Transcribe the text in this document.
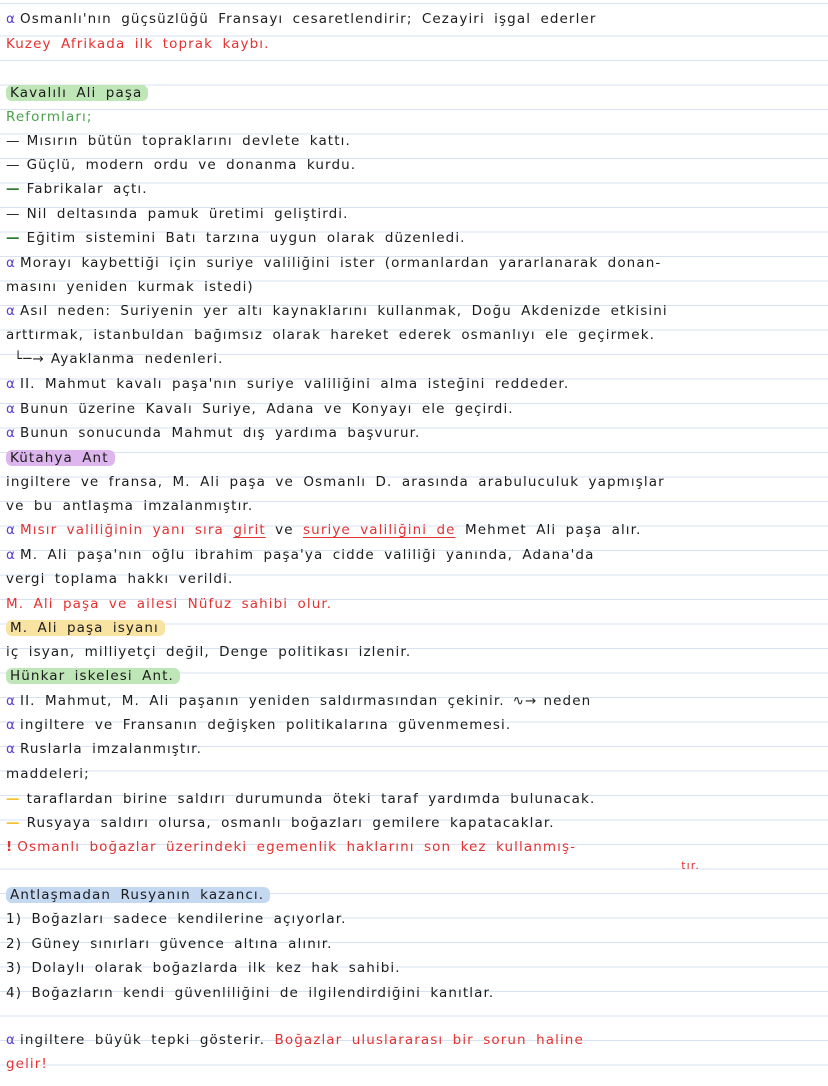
α Osmanlı'nın güçsüzlüğü Fransayı cesaretlendirir; Cezayiri işgal ederler
Kuzey Afrikada ilk toprak kaybı.
Kavalılı Ali paşa
Reformları;
— Mısırın bütün topraklarını devlete kattı.
— Güçlü, modern ordu ve donanma kurdu.
— Fabrikalar açtı.
— Nil deltasında pamuk üretimi geliştirdi.
— Eğitim sistemini Batı tarzına uygun olarak düzenledi.
α Morayı kaybettiği için suriye valiliğini ister (ormanlardan yararlanarak donan-
masını yeniden kurmak istedi)
α Asıl neden: Suriyenin yer altı kaynaklarını kullanmak, Doğu Akdenizde etkisini
arttırmak, istanbuldan bağımsız olarak hareket ederek osmanlıyı ele geçirmek.
└─→ Ayaklanma nedenleri.
α II. Mahmut kavalı paşa'nın suriye valiliğini alma isteğini reddeder.
α Bunun üzerine Kavalı Suriye, Adana ve Konyayı ele geçirdi.
α Bunun sonucunda Mahmut dış yardıma başvurur.
Kütahya Ant
ingiltere ve fransa, M. Ali paşa ve Osmanlı D. arasında arabuluculuk yapmışlar
ve bu antlaşma imzalanmıştır.
α Mısır valiliğinin yanı sıra girit ve suriye valiliğini de Mehmet Ali paşa alır.
α M. Ali paşa'nın oğlu ibrahim paşa'ya cidde valiliği yanında, Adana'da
vergi toplama hakkı verildi.
M. Ali paşa ve ailesi Nüfuz sahibi olur.
M. Ali paşa isyanı
iç isyan, milliyetçi değil, Denge politikası izlenir.
Hünkar iskelesi Ant.
α II. Mahmut, M. Ali paşanın yeniden saldırmasından çekinir. ∿→ neden
α ingiltere ve Fransanın değişken politikalarına güvenmemesi.
α Ruslarla imzalanmıştır.
maddeleri;
— taraflardan birine saldırı durumunda öteki taraf yardımda bulunacak.
— Rusyaya saldırı olursa, osmanlı boğazları gemilere kapatacaklar.
! Osmanlı boğazlar üzerindeki egemenlik haklarını son kez kullanmış-
tır.
Antlaşmadan Rusyanın kazancı.
1) Boğazları sadece kendilerine açıyorlar.
2) Güney sınırları güvence altına alınır.
3) Dolaylı olarak boğazlarda ilk kez hak sahibi.
4) Boğazların kendi güvenliliğini de ilgilendirdiğini kanıtlar.
α ingiltere büyük tepki gösterir. Boğazlar uluslararası bir sorun haline
gelir!
